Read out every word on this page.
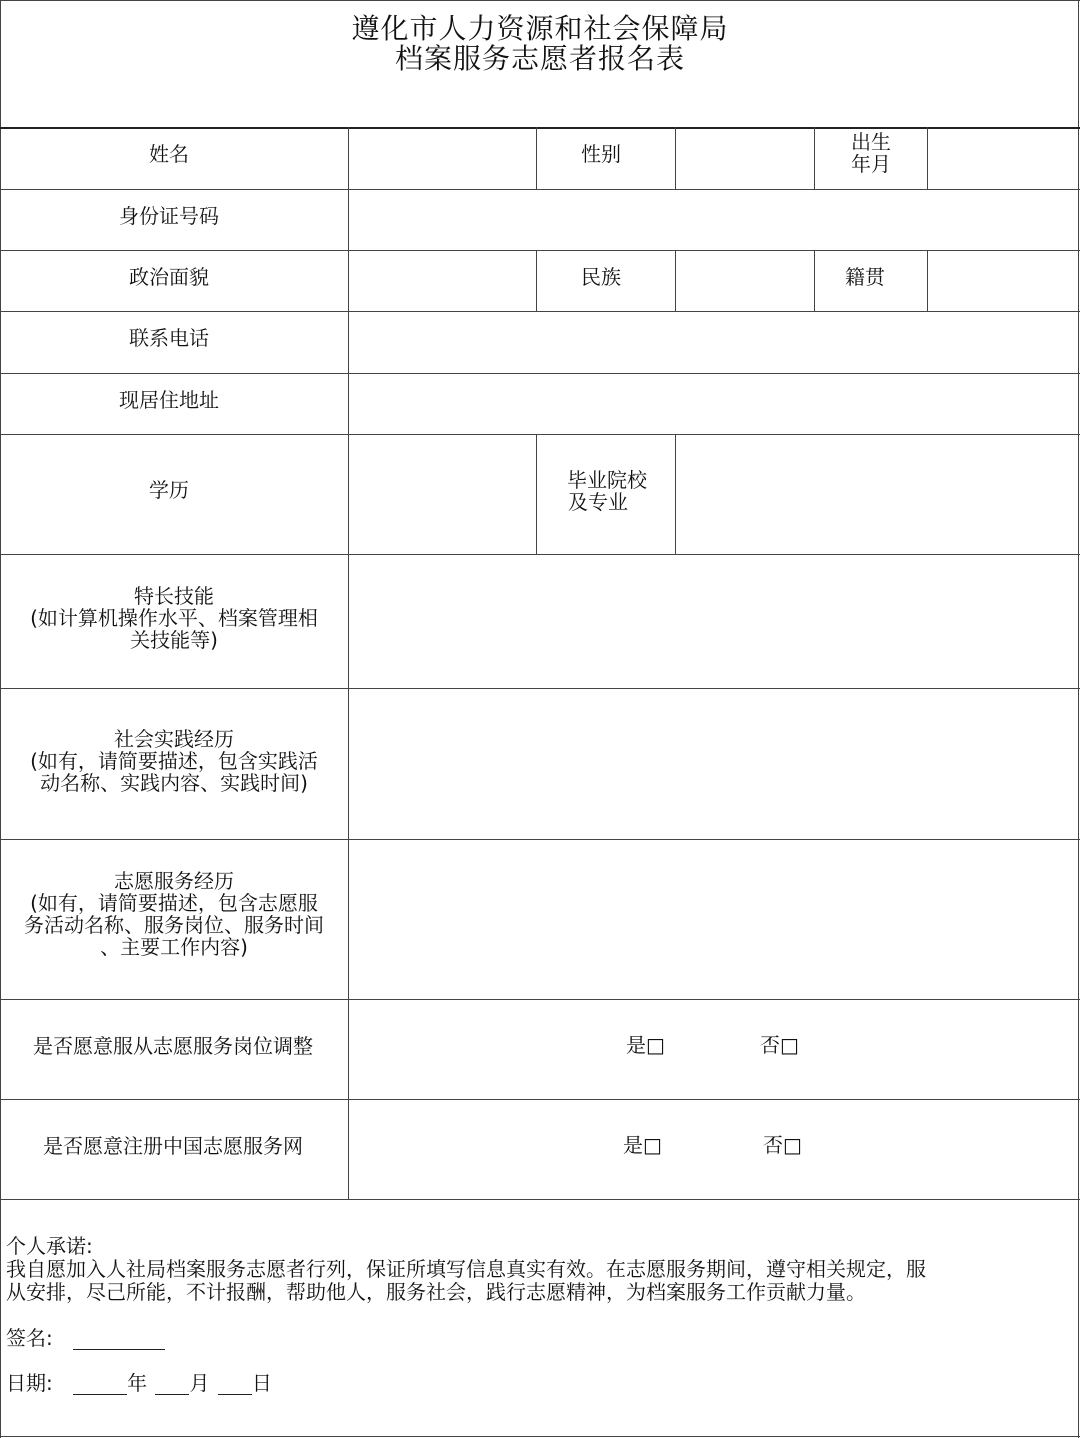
遵化市人力资源和社会保障局
档案服务志愿者报名表
姓名	性别	出生
年月
身份证号码
政治面貌	民族	籍贯
联系电话
现居住地址
学历	毕业院校
及专业
特长技能
(如计算机操作水平、档案管理相
关技能等)
社会实践经历
(如有，请简要描述，包含实践活
动名称、实践内容、实践时间)
志愿服务经历
(如有，请简要描述，包含志愿服
务活动名称、服务岗位、服务时间
、主要工作内容)
是否愿意服从志愿服务岗位调整	是□	否□
是否愿意注册中国志愿服务网	是□	否□
个人承诺:
我自愿加入人社局档案服务志愿者行列，保证所填写信息真实有效。在志愿服务期间，遵守相关规定，服
从安排，尽己所能，不计报酬，帮助他人，服务社会，践行志愿精神，为档案服务工作贡献力量。
签名:
日期:	年 月 日
